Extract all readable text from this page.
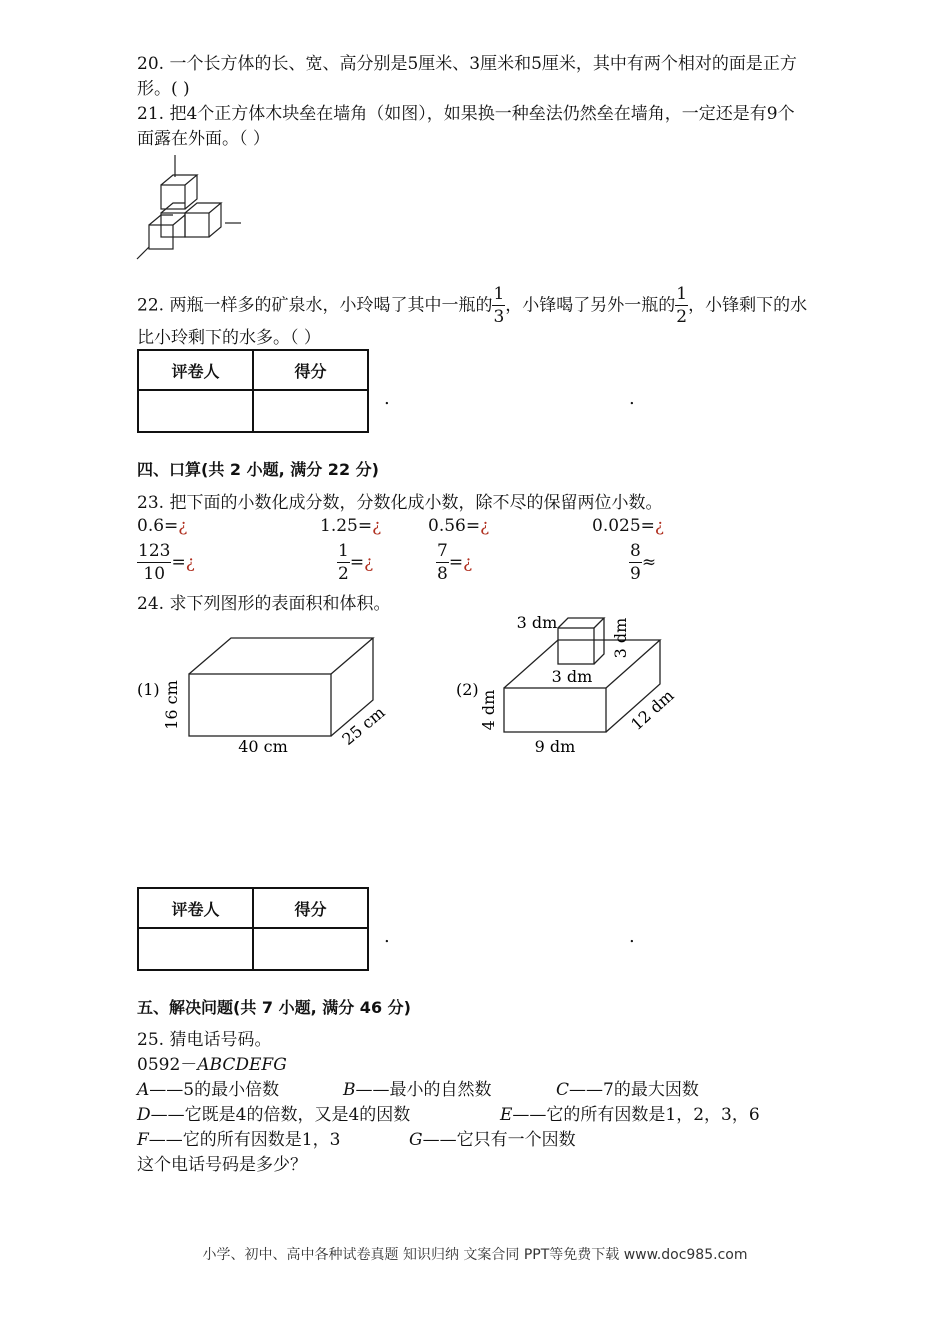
20. 一个长方体的长、宽、高分别是5厘米、3厘米和5厘米，其中有两个相对的面是正方
形。( )
21. 把4个正方体木块垒在墙角（如图），如果换一种垒法仍然垒在墙角，一定还是有9个
面露在外面。（ ）
22. 两瓶一样多的矿泉水，小玲喝了其中一瓶的 $\frac{1}{3}$ ，小锋喝了另外一瓶的 $\frac{1}{2}$ ，小锋剩下的水
比小玲剩下的水多。（ ）
评卷人	得分

.	.
四、口算(共 2 小题, 满分 22 分)
23. 把下面的小数化成分数，分数化成小数，除不尽的保留两位小数。
0.6=¿	1.25=¿	0.56=¿	0.025=¿
$\frac{123}{10}$ =¿	$\frac{1}{2}$ =¿	$\frac{7}{8}$ =¿	$\frac{8}{9}$ ≈
24. 求下列图形的表面积和体积。
(1) 16 cm
40 cm	25 cm
3 dm	3 dm
3 dm
(2)
4 dm
9 dm
12 dm
评卷人	得分

.	.
五、解决问题(共 7 小题, 满分 46 分)
25. 猜电话号码。
0592－ABCDEFG
A——5的最小倍数	B——最小的自然数	C——7的最大因数
D——它既是4的倍数，又是4的因数	E——它的所有因数是1，2，3，6
F——它的所有因数是1，3	G——它只有一个因数
这个电话号码是多少？
小学、初中、高中各种试卷真题 知识归纳 文案合同 PPT等免费下载 www.doc985.com
